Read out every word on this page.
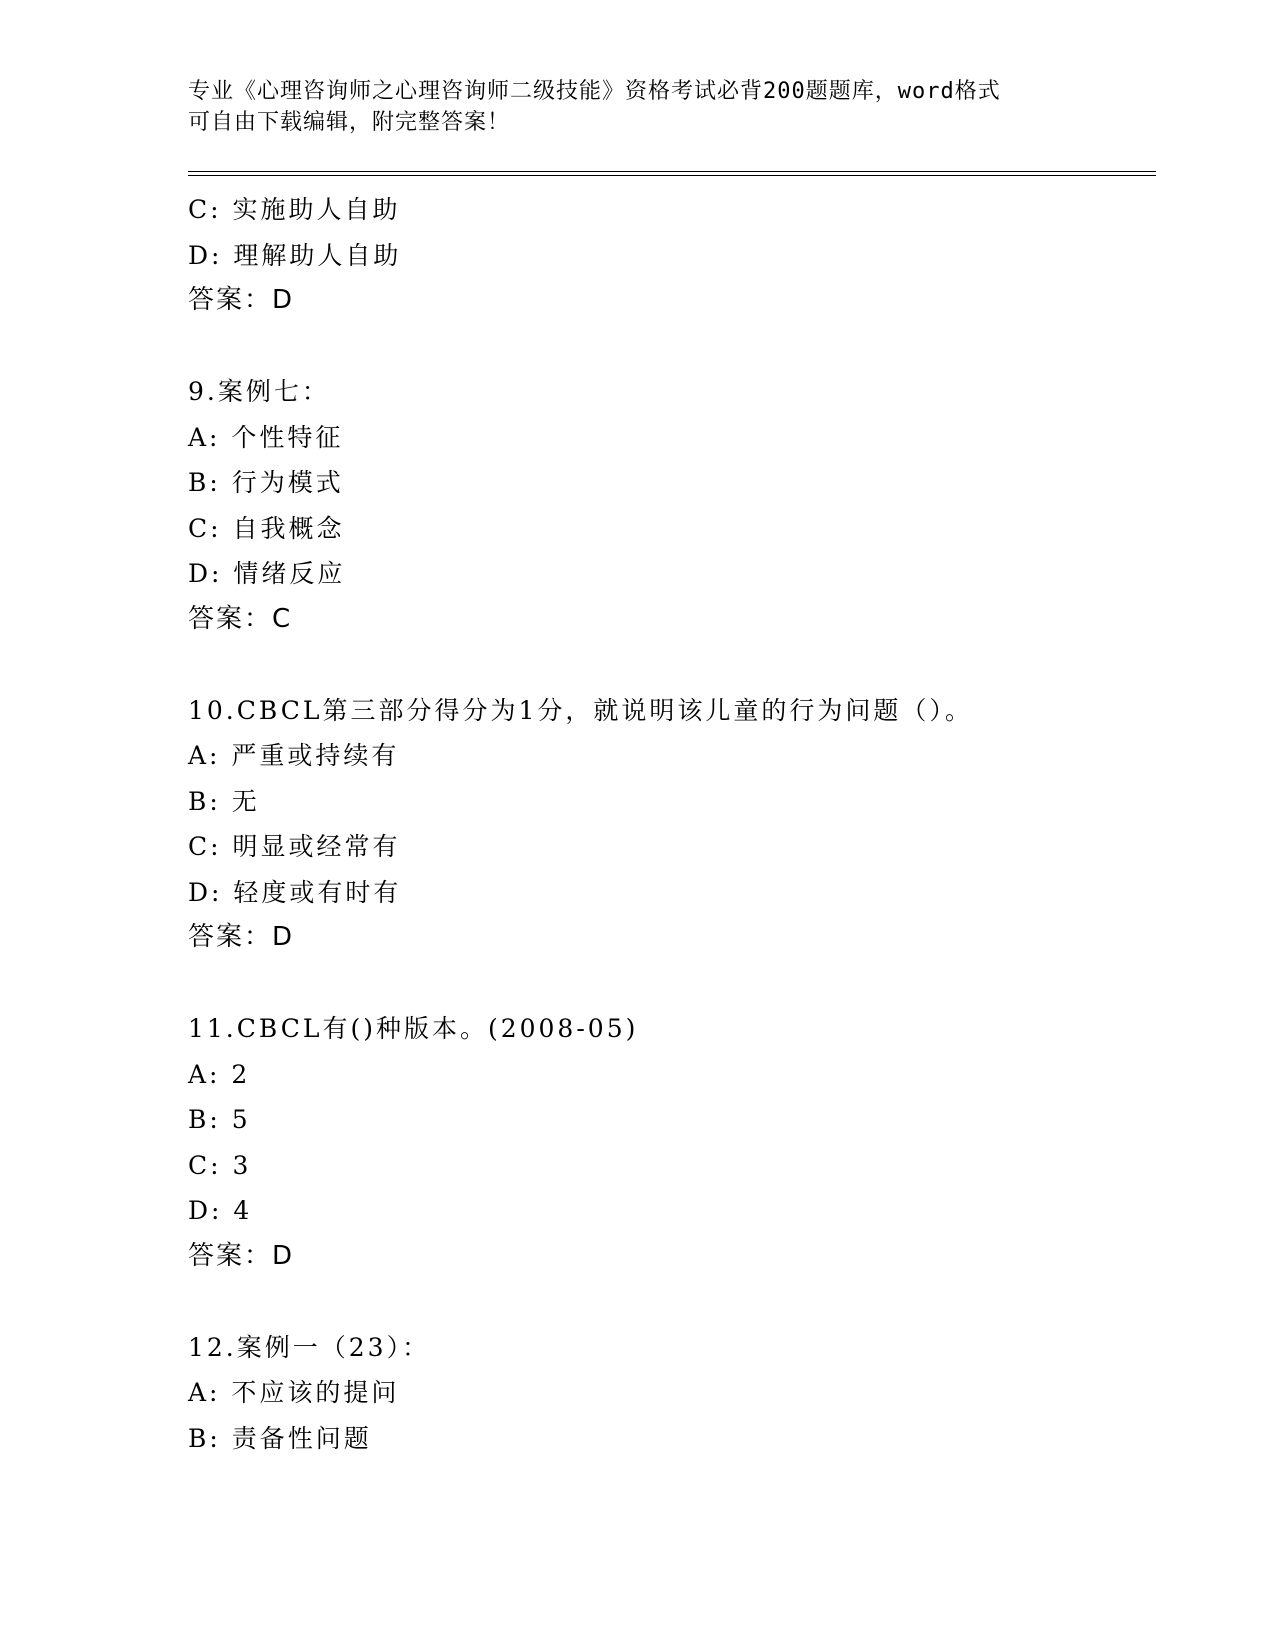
专业《心理咨询师之心理咨询师二级技能》资格考试必背200题题库，word格式
可自由下载编辑，附完整答案！
C: 实施助人自助
D: 理解助人自助
答案：D
9.案例七：
A: 个性特征
B: 行为模式
C: 自我概念
D: 情绪反应
答案：C
10.CBCL第三部分得分为1分，就说明该儿童的行为问题（）。
A: 严重或持续有
B: 无
C: 明显或经常有
D: 轻度或有时有
答案：D
11.CBCL有()种版本。(2008-05)
A: 2
B: 5
C: 3
D: 4
答案：D
12.案例一（23）：
A: 不应该的提问
B: 责备性问题
